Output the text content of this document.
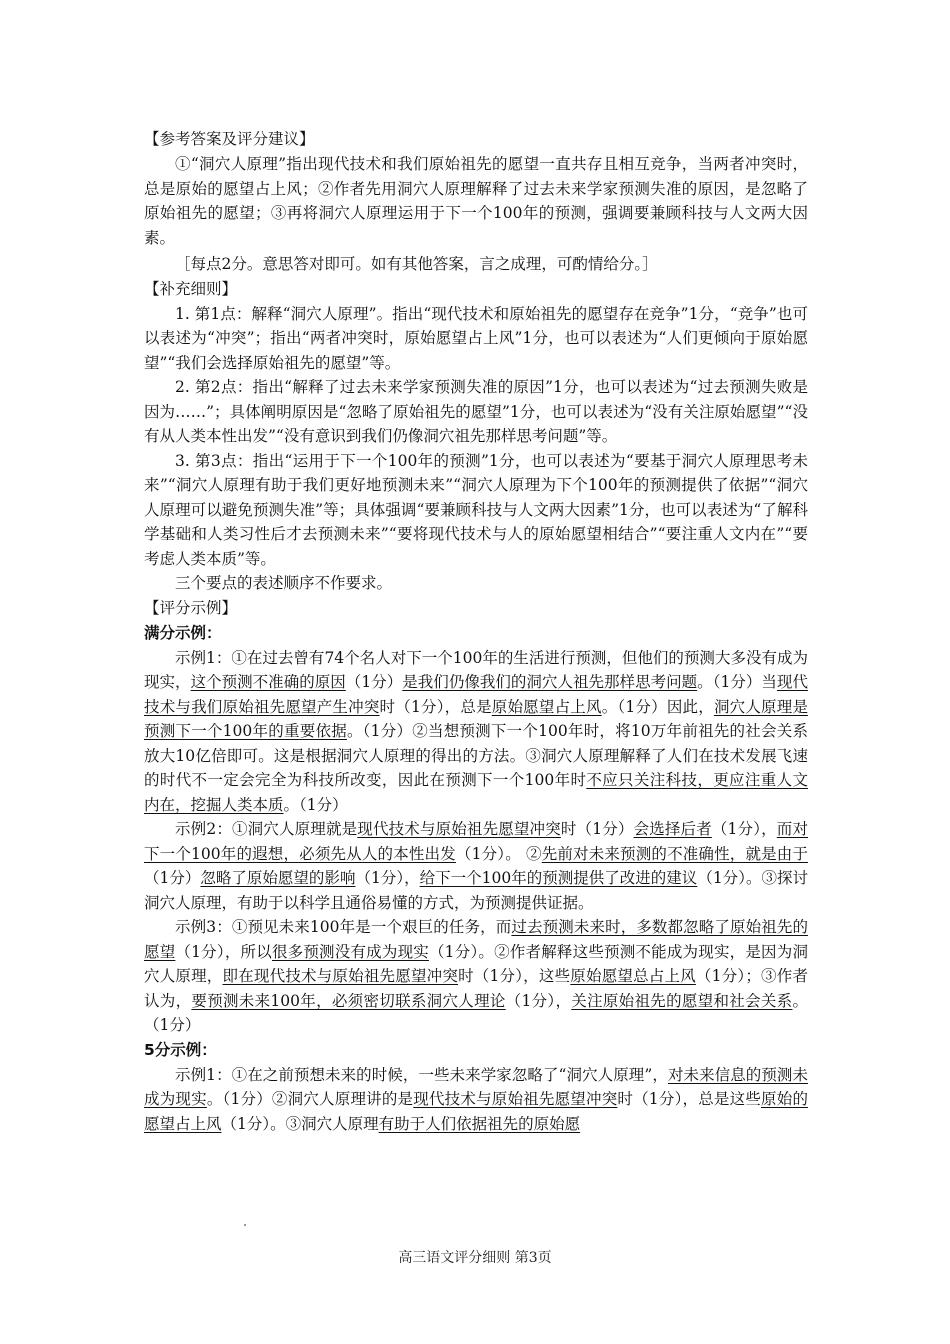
【参考答案及评分建议】

①“洞穴人原理”指出现代技术和我们原始祖先的愿望一直共存且相互竞争，当两者冲突时，总是原始的愿望占上风；②作者先用洞穴人原理解释了过去未来学家预测失准的原因，是忽略了原始祖先的愿望；③再将洞穴人原理运用于下一个100年的预测，强调要兼顾科技与人文两大因素。

［每点2分。意思答对即可。如有其他答案，言之成理，可酌情给分。］

【补充细则】

1. 第1点：解释“洞穴人原理”。指出“现代技术和原始祖先的愿望存在竞争”1分，“竞争”也可以表述为“冲突”；指出“两者冲突时，原始愿望占上风”1分，也可以表述为“人们更倾向于原始愿望”“我们会选择原始祖先的愿望”等。

2. 第2点：指出“解释了过去未来学家预测失准的原因”1分，也可以表述为“过去预测失败是因为……”；具体阐明原因是“忽略了原始祖先的愿望”1分，也可以表述为“没有关注原始愿望”“没有从人类本性出发”“没有意识到我们仍像洞穴祖先那样思考问题”等。

3. 第3点：指出“运用于下一个100年的预测”1分，也可以表述为“要基于洞穴人原理思考未来”“洞穴人原理有助于我们更好地预测未来”“洞穴人原理为下个100年的预测提供了依据”“洞穴人原理可以避免预测失准”等；具体强调“要兼顾科技与人文两大因素”1分，也可以表述为“了解科学基础和人类习性后才去预测未来”“要将现代技术与人的原始愿望相结合”“要注重人文内在”“要考虑人类本质”等。

三个要点的表述顺序不作要求。

【评分示例】

满分示例：

示例1：①在过去曾有74个名人对下一个100年的生活进行预测，但他们的预测大多没有成为现实，这个预测不准确的原因（1分）是我们仍像我们的洞穴人祖先那样思考问题。（1分）当现代技术与我们原始祖先愿望产生冲突时（1分），总是原始愿望占上风。（1分）因此，洞穴人原理是预测下一个100年的重要依据。（1分）②当想预测下一个100年时，将10万年前祖先的社会关系放大10亿倍即可。这是根据洞穴人原理的得出的方法。③洞穴人原理解释了人们在技术发展飞速的时代不一定会完全为科技所改变，因此在预测下一个100年时不应只关注科技，更应注重人文内在，挖掘人类本质。（1分）

示例2：①洞穴人原理就是现代技术与原始祖先愿望冲突时（1分）会选择后者（1分），而对下一个100年的遐想，必须先从人的本性出发（1分）。 ②先前对未来预测的不准确性，就是由于（1分）忽略了原始愿望的影响（1分），给下一个100年的预测提供了改进的建议（1分）。③探讨洞穴人原理，有助于以科学且通俗易懂的方式，为预测提供证据。

示例3：①预见未来100年是一个艰巨的任务，而过去预测未来时，多数都忽略了原始祖先的愿望（1分），所以很多预测没有成为现实（1分）。②作者解释这些预测不能成为现实，是因为洞穴人原理，即在现代技术与原始祖先愿望冲突时（1分），这些原始愿望总占上风（1分）；③作者认为，要预测未来100年，必须密切联系洞穴人理论（1分），关注原始祖先的愿望和社会关系。（1分）

5分示例：

示例1：①在之前预想未来的时候，一些未来学家忽略了“洞穴人原理”，对未来信息的预测未成为现实。（1分）②洞穴人原理讲的是现代技术与原始祖先愿望冲突时（1分），总是这些原始的愿望占上风（1分）。③洞穴人原理有助于人们依据祖先的原始愿

高三语文评分细则 第3页
